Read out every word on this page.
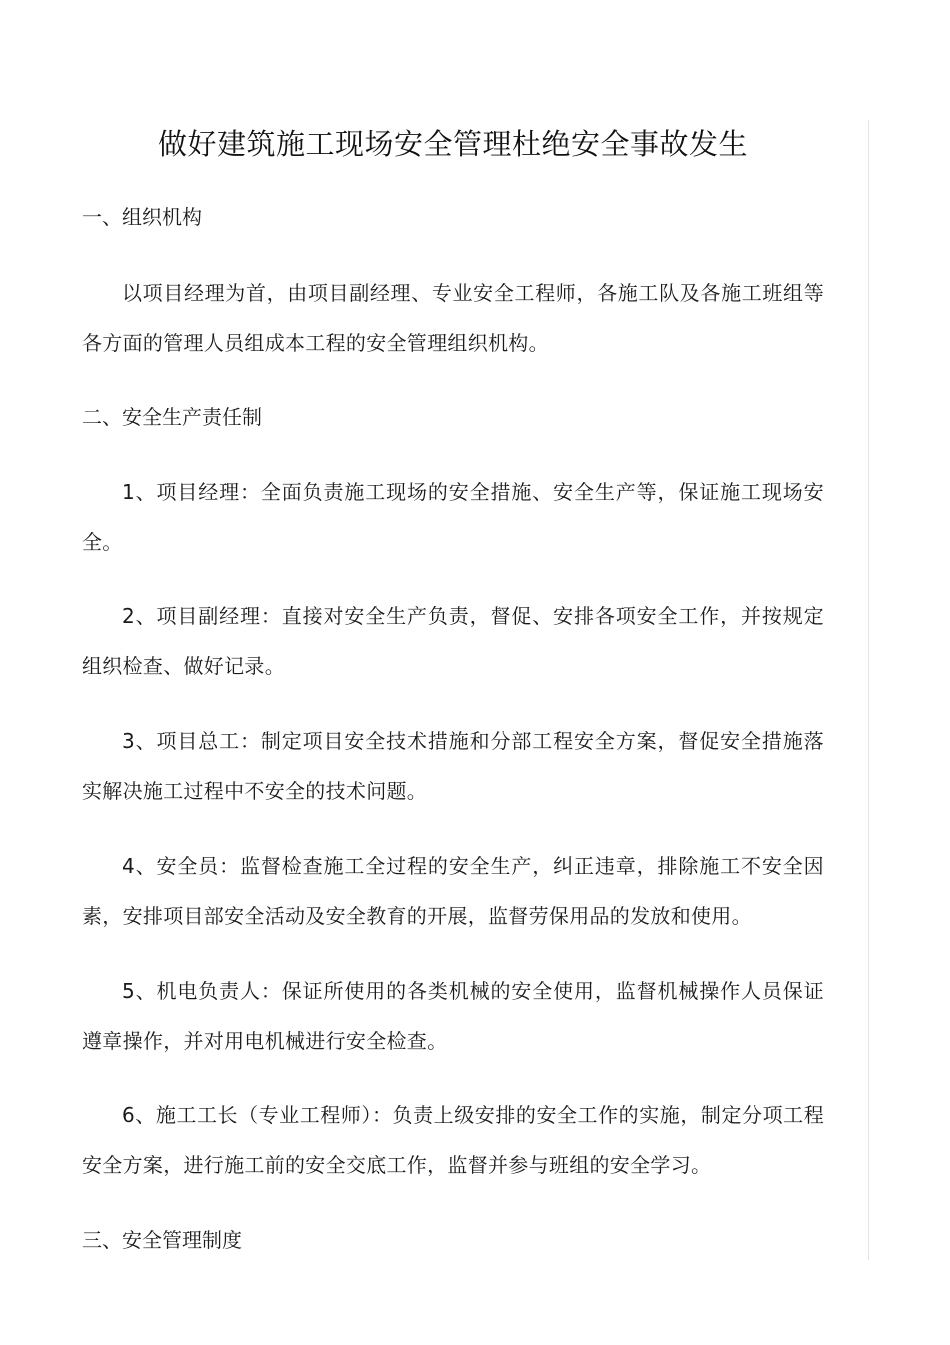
做好建筑施工现场安全管理杜绝安全事故发生
一、组织机构

以项目经理为首，由项目副经理、专业安全工程师，各施工队及各施工班组等各方面的管理人员组成本工程的安全管理组织机构。

二、安全生产责任制

1、项目经理：全面负责施工现场的安全措施、安全生产等，保证施工现场安全。

2、项目副经理：直接对安全生产负责，督促、安排各项安全工作，并按规定组织检查、做好记录。

3、项目总工：制定项目安全技术措施和分部工程安全方案，督促安全措施落实解决施工过程中不安全的技术问题。

4、安全员：监督检查施工全过程的安全生产，纠正违章，排除施工不安全因素，安排项目部安全活动及安全教育的开展，监督劳保用品的发放和使用。

5、机电负责人：保证所使用的各类机械的安全使用，监督机械操作人员保证遵章操作，并对用电机械进行安全检查。

6、施工工长（专业工程师）：负责上级安排的安全工作的实施，制定分项工程安全方案，进行施工前的安全交底工作，监督并参与班组的安全学习。

三、安全管理制度
